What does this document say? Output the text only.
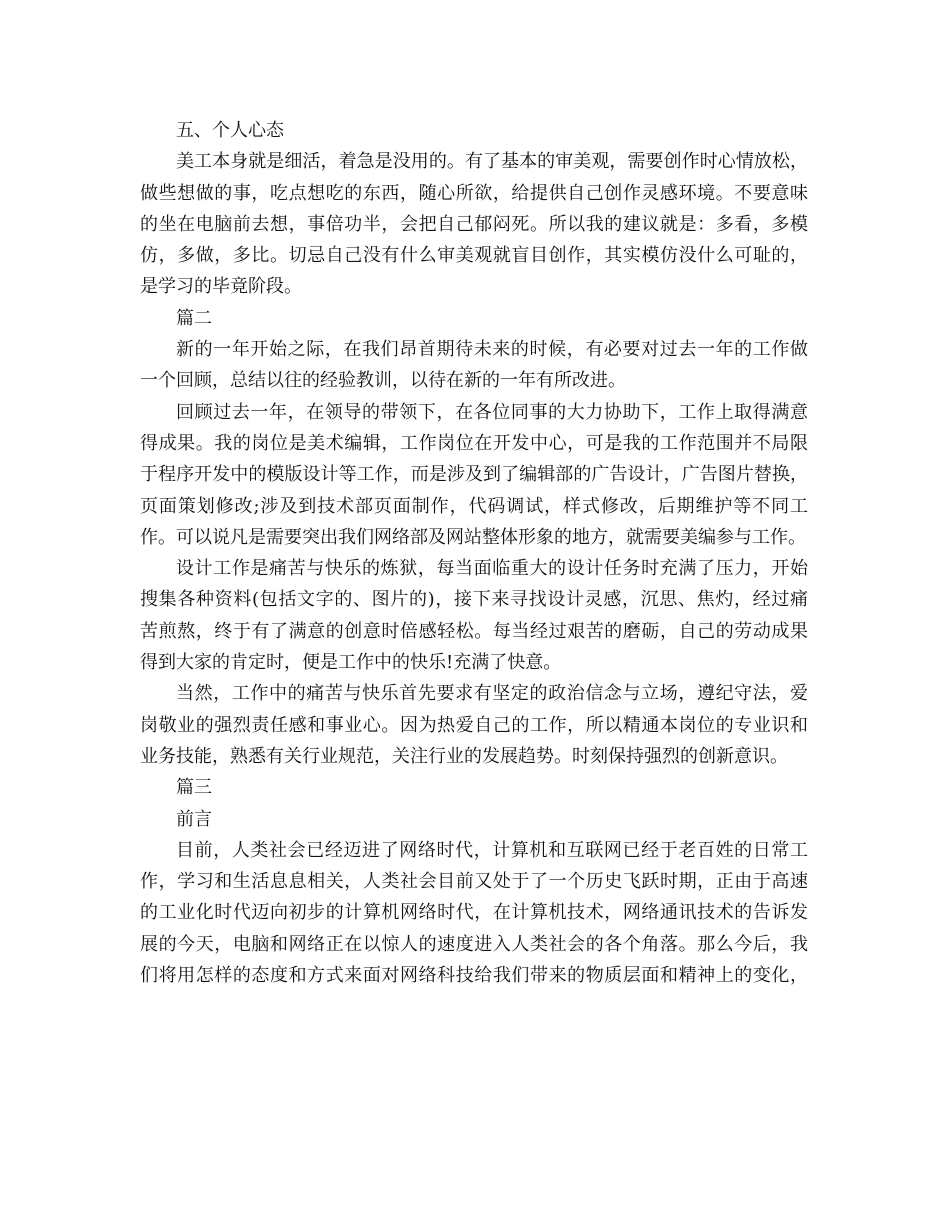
五、个人心态
美工本身就是细活，着急是没用的。有了基本的审美观，需要创作时心情放松，
做些想做的事，吃点想吃的东西，随心所欲，给提供自己创作灵感环境。不要意味
的坐在电脑前去想，事倍功半，会把自己郁闷死。所以我的建议就是：多看，多模
仿，多做，多比。切忌自己没有什么审美观就盲目创作，其实模仿没什么可耻的，
是学习的毕竟阶段。
篇二
新的一年开始之际，在我们昂首期待未来的时候，有必要对过去一年的工作做
一个回顾，总结以往的经验教训，以待在新的一年有所改进。
回顾过去一年，在领导的带领下，在各位同事的大力协助下，工作上取得满意
得成果。我的岗位是美术编辑，工作岗位在开发中心，可是我的工作范围并不局限
于程序开发中的模版设计等工作，而是涉及到了编辑部的广告设计，广告图片替换，
页面策划修改;涉及到技术部页面制作，代码调试，样式修改，后期维护等不同工
作。可以说凡是需要突出我们网络部及网站整体形象的地方，就需要美编参与工作。
设计工作是痛苦与快乐的炼狱，每当面临重大的设计任务时充满了压力，开始
搜集各种资料(包括文字的、图片的)，接下来寻找设计灵感，沉思、焦灼，经过痛
苦煎熬，终于有了满意的创意时倍感轻松。每当经过艰苦的磨砺，自己的劳动成果
得到大家的肯定时，便是工作中的快乐!充满了快意。
当然，工作中的痛苦与快乐首先要求有坚定的政治信念与立场，遵纪守法，爱
岗敬业的强烈责任感和事业心。因为热爱自己的工作，所以精通本岗位的专业识和
业务技能，熟悉有关行业规范，关注行业的发展趋势。时刻保持强烈的创新意识。
篇三
前言
目前，人类社会已经迈进了网络时代，计算机和互联网已经于老百姓的日常工
作，学习和生活息息相关，人类社会目前又处于了一个历史飞跃时期，正由于高速
的工业化时代迈向初步的计算机网络时代，在计算机技术，网络通讯技术的告诉发
展的今天，电脑和网络正在以惊人的速度进入人类社会的各个角落。那么今后，我
们将用怎样的态度和方式来面对网络科技给我们带来的物质层面和精神上的变化，
